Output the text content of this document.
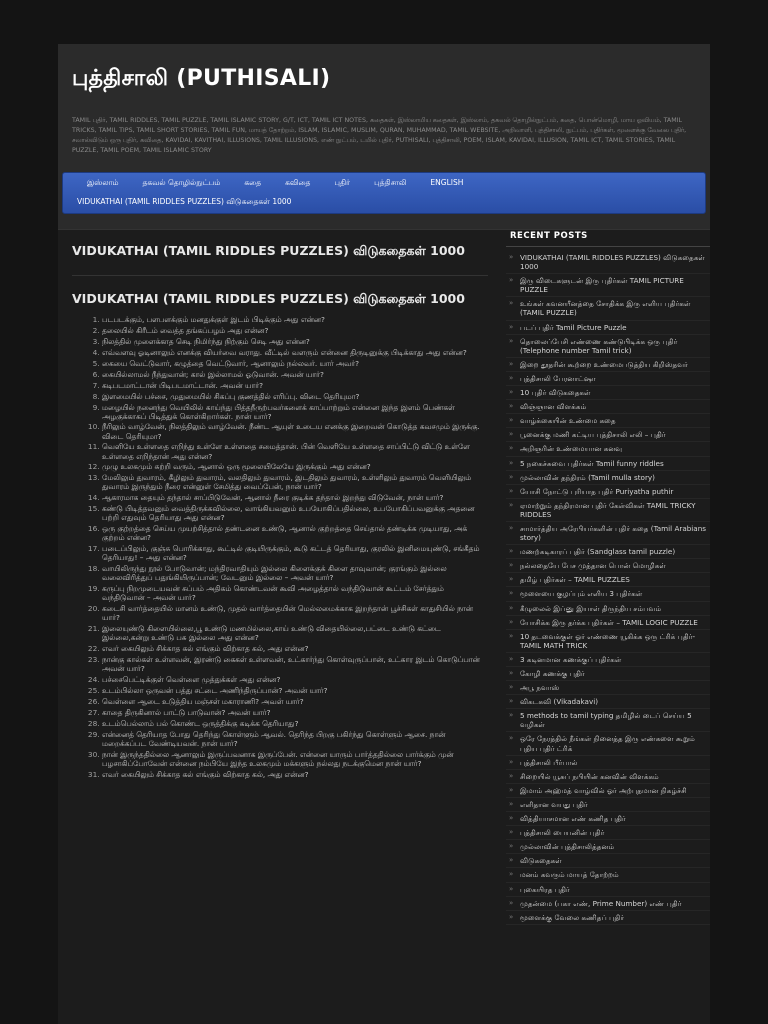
புத்திசாலி (PUTHISALI)

TAMIL புதிர், TAMIL RIDDLES, TAMIL PUZZLE, TAMIL ISLAMIC STORY, G/T, ICT, TAMIL ICT NOTES, கதைகள், இஸ்லாமிய கதைகள், இஸ்லாம், தகவல் தொழில்நுட்பம், கதை, பொன்மொழி, மாய ஓவியம், TAMIL TRICKS, TAMIL TIPS, TAMIL SHORT STORIES, TAMIL FUN, மாயத் தோற்றம், ISLAM, ISLAMIC, MUSLIM, QURAN, MUHAMMAD, TAMIL WEBSITE, அறிவாளி, புத்திசாலி, நுட்பம், புதிர்கள், மூளைக்கு வேலை புதிர், சவால்விடும் ஒரு புதிர், கவிதை, KAVIDAI, KAVITHAI, ILLUSIONS, TAMIL ILLUSIONS, எண் நுட்பம், டமில் புதிர், PUTHISALI, புத்திசாலி, POEM, ISLAM, KAVIDAI, ILLUSION, TAMIL ICT, TAMIL STORIES, TAMIL PUZZLE, TAMIL POEM, TAMIL ISLAMIC STORY

இஸ்லாம்	தகவல் தொழில்நுட்பம்	கதை	கவிதை	புதிர்	புத்திசாலி	ENGLISH
VIDUKATHAI (TAMIL RIDDLES PUZZLES) விடுகதைகள் 1000
VIDUKATHAI (TAMIL RIDDLES PUZZLES) விடுகதைகள் 1000
VIDUKATHAI (TAMIL RIDDLES PUZZLES) விடுகதைகள் 1000
1. படபடக்கும், பளபளக்கும் மனதுக்குள் இடம் பிடிக்கும் அது என்ன?
2. தலையில் கிரீடம் வைத்த தங்கப்பழம் அது என்ன?
3. நிலத்தில் முளைக்காத செடி நிமிர்ந்து நிற்கும் செடி அது என்ன?
4. எவ்வளவு ஓடினாலும் எனக்கு வியர்வை வராது. வீட்டில் வளரும் என்னை திருடினுக்கு பிடிக்காது அது என்ன?
5. கையை வெட்டுவார், கழுத்தை வெட்டுவார், ஆனாலும் நல்லவர். யார் அவர்?
6. கையில்லாமல் நீந்துவான்; கால் இல்லாமல் ஓடுவான். அவன் யார்?
7. கடிபடமாட்டான் பிடிபடமாட்டான். அவன் யார்?
8. இளமையில் பச்சை, முதுமையில் சிகப்பு குணத்தில் எரிப்பு. விடை தெரியுமா?
9. மழையில் நனைந்து வெயிலில் காய்ந்து பித்தநீருற்பவர்களைக் காப்பாற்றும் என்னை இந்த இளம் பெண்கள் அழகுக்காகப் பிடித்துக் கொள்கிறார்கள். நான் யார்?
10. நீரிலும் வாழ்வேன், நிலத்திலும் வாழ்வேன். நீண்ட ஆயுள் உடைய எனக்கு இறைவன் கொடுத்த கவசமும் இருக்கு. விடை தெரியுமா?
11. வெளியே உள்ளதை எறிந்து உள்ளே உள்ளதை சமைத்தான். பின் வெளியே உள்ளதை சாப்பிட்டு விட்டு உள்ளே உள்ளதை எறிந்தான் அது என்ன?
12. முழு உலகமும் சுற்றி வரும், ஆனால் ஒரு மூலையிலேயே இருக்கும் அது என்ன?
13. மேலிலும் துவாரம், கீழிலும் துவாரம், வலதிலும் துவாரம், இடதிலும் துவாரம், உள்ளிலும் துவாரம் வெளியிலும் துவாரம் இருந்தும் நீரை என்னுள் சேமித்து வைப்பேன், நான் யார்?
14. ஆகாரமாக தையும் தந்தால் சாப்பிடுவேன், ஆனால் நீரை குடிக்க தந்தால் இறந்து விடுவேன், நான் யார்?
15. கண்டு பிடித்தவனும் வைத்திருக்கவில்லை, வாங்கியவனும் உபயோகிப்பதில்லை, உபயோகிப்பவனுக்கு அதனை பற்றி எதுவும் தெரியாது அது என்ன?
16. ஒரு குற்றத்தை செய்ய முயற்சித்தால் தண்டனை உண்டு, ஆனால் குற்றத்தை செய்தால் தண்டிக்க முடியாது, அக் குற்றம் என்ன?
17. படைப்பிலும், குஞ்சு பொரிக்காது, கூட்டில் குடியிருக்கும், கூடு கட்டத் தெரியாது, குரலில் இனிமையுண்டு, சங்கீதம் தெரியாது! – அது என்ன?
18. வாயிலிருந்து நூல் போடுவான்; மந்திரவாதியும் இல்லை கிளைக்குக் கிளை தாவுவான்; குரங்கும் இல்லை வலைவிரித்துப் பதுங்கியிருப்பான்; வேடனும் இல்லை – அவன் யார்?
19. கருப்பு நிறமுடையவன் சுப்பம் அதிகம் கொண்டவன் கூவி அழைத்தால் வந்திடுவான் கூட்டம் சேர்த்தும் வந்திடுவான் – அவன் யார்?
20. கடைசி வார்த்தையில் மானம் உண்டு, முதல் வார்த்தையின் மெல்லமைக்காக இறந்தான் பூச்சிகள் காதுசியில் நான் யார்?
21. இலையுண்டு கிளையில்லை,பூ உண்டு மணமில்லை,காய் உண்டு விதையில்லை,பட்டை உண்டு கட்டை இல்லை,கன்று உண்டு பசு இல்லை அது என்ன?
22. எவர் கையிலும் சிக்காத கல் எங்கும் விற்காத கல், அது என்ன?
23. நான்கு கால்கள் உள்ளவன், இரண்டு கைகள் உள்ளவன், உட்கார்ந்து கொள்வுருப்பான், உட்கார இடம் கொடுப்பான் அவன் யார்?
24. பச்சைபெட்டிக்குள் வெள்ளை முத்துக்கள் அது என்ன?
25. உடம்பில்லா ஒருவன் பத்து சட்டை அணிந்திருப்பான்? அவன் யார்?
26. வெள்ளை ஆடை உடுத்திய மஞ்சள் மகாராணி? அவள் யார்?
27. காதை திருகினால் பாட்டு பாடுவான்? அவன் யார்?
28. உடம்பெல்லாம் பல் கொண்ட ஒருத்திக்கு கடிக்க தெரியாது?
29. என்னைத் தெரியாத போது தெரிந்து கொள்ளும் ஆவல். தெரிந்த பிறகு பகிர்ந்து கொள்ளும் ஆசை. நான் மறைக்கப்பட வேண்டியவன். நான் யார்?
30. நான் இருந்ததில்லை ஆனாலும் இருப்பவனாக இருப்பேன். என்னை யாரும் பார்த்ததில்லை பார்க்கும் முன் பழசாகிப்போவேன் என்னை நம்பியே இந்த உலகமும் மக்களும் நல்லது நடக்குமென நான் யார்?
31. எவர் கையிலும் சிக்காத கல் எங்கும் விற்காத கல், அது என்ன?
RECENT POSTS
» VIDUKATHAI (TAMIL RIDDLES PUZZLES) விடுகதைகள் 1000
» இரு விடைகளுடன் இரு புதிர்கள் TAMIL PICTURE PUZZLE
» உங்கள் கவனயீனத்தை சோதிக்க இரு எளிய புதிர்கள் (TAMIL PUZZLE)
» படப் புதிர் Tamil Picture Puzzle
» தொலைப்பேசி எண்ணை கண்டுபிடிக்க ஒரு புதிர் (Telephone number Tamil trick)
» இறை தூதரின் கூற்றை உண்மைபடுத்திய கிறிஸ்தவர்
» புத்திசாலி பேரனாட்ஷா
» 10 புதிர் விடுகதைகள்
» விஞ்ஞான விளக்கம்
» வாழ்க்கையின் உண்மை கதை
» பூனைக்கு மணி கட்டிய புத்திசாலி எலி – புதிர்
» அறிஞரின் உண்மையான கனவு
» 5 நகைச்சுவை புதிர்கள் Tamil funny riddles
» முல்லாவின் தந்திரம் (Tamil mulla story)
» யோசி நோட்டு புரியாத புதிர் Puriyatha puthir
» ஏமாற்றும் தந்திரமான புதிர் கேள்விகள் TAMIL TRICKY RIDDLES
» சாமார்த்திய அரேபியர்களின் புதிர் கதை (Tamil Arabians story)
» மணற்கடிகாரப் புதிர் (Sandglass tamil puzzle)
» நல்லதையே பேச முத்தான பொன் மொழிகள்
» தமிழ் புதிர்கள் – TAMIL PUZZLES
» மூளையை குழப்பும் எளிய 3 புதிர்கள்
» கீழுலைல் இப்னு இயாள் திருந்திய சம்பவம்
» யோசிக்க இரு தர்க்க புதிர்கள் – TAMIL LOGIC PUZZLE
» 10 தடவைக்குள் ஓர் எண்ணை யூகிக்க ஒரு ட்ரிக் புதிர்- TAMIL MATH TRICK
» 3 கடினமான கணக்குப் புதிர்கள்
» கோழி கணக்கு புதிர்
» அபூ நவாஸ்
» விகடகவி (Vikadakavi)
» 5 methods to tamil typing தமிழில் டைப் செய்ய 5 வழிகள்
» ஒரே நேரத்தில் நீங்கள் நினைத்த இரு எண்களை கூறும் புதிய புதிர் ட்ரிக்
» புத்திசாலி பீர்பால்
» சிறையில் யூசுப் நபியின் கனவின் விளக்கம்
» இமாம் அஹ்மத் வாழ்வில் ஓர் அற்புதமான நிகழ்ச்சி
» எளிதான வயது புதிர்
» வித்தியாசமான எண் கணித புதிர்
» புத்திசாலி பையனின் புதிர்
» முல்லாவின் புத்திசாலித்தனம்
» விடுகதைகள்
» மனம் கவரும் மாயத் தோற்றம்
» புகையிரத புதிர்
» முதன்மை (பகா எண், Prime Number) எண் புதிர்
» மூளைக்கு வேலை கணிதப் புதிர்
